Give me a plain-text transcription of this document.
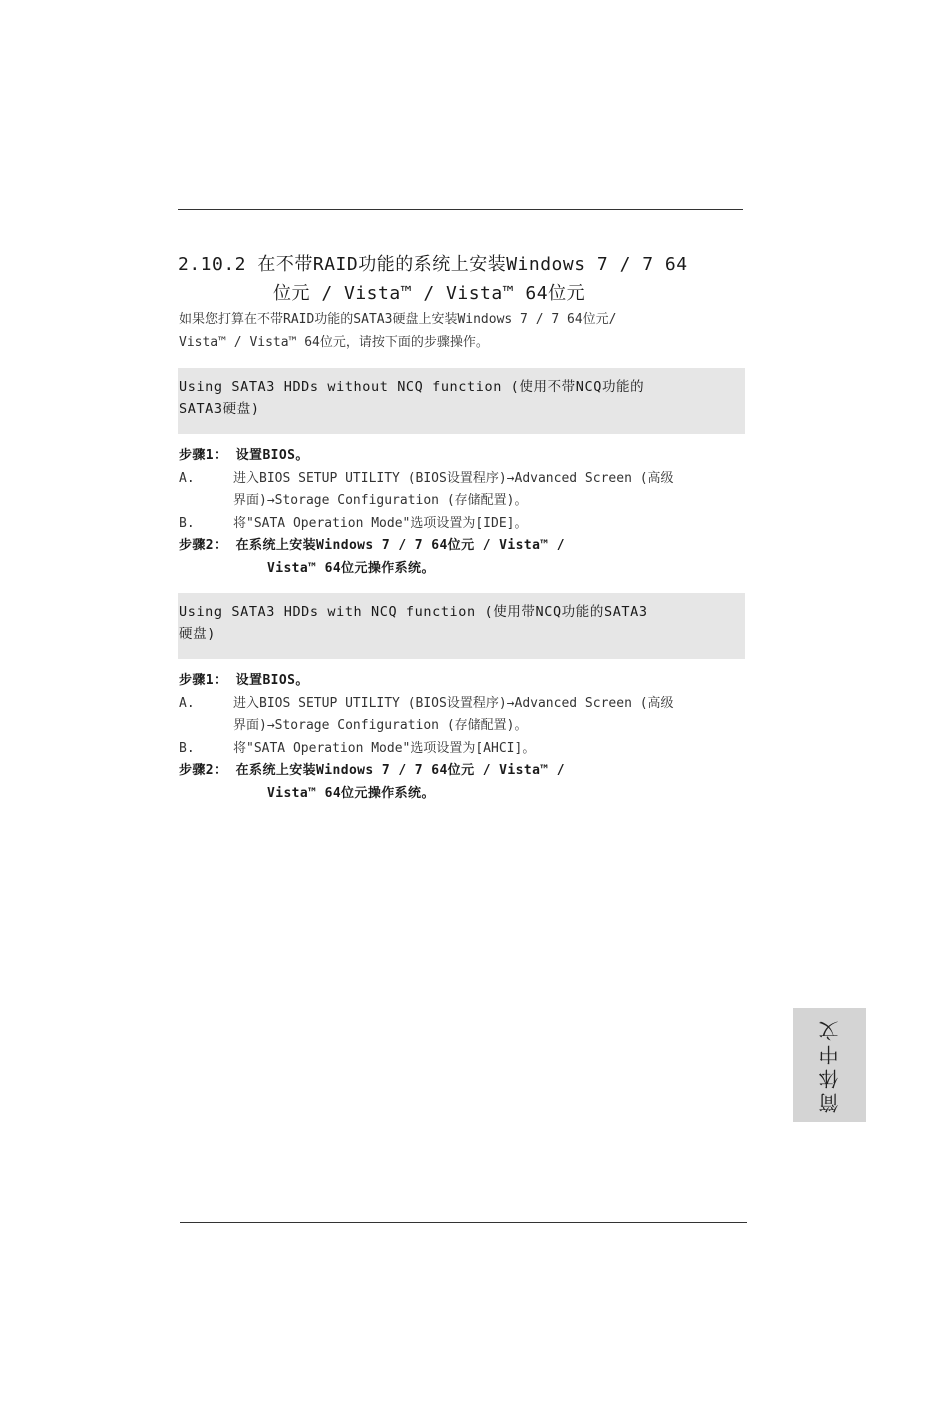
2.10.2 在不带RAID功能的系统上安装Windows 7 / 7 64
位元 / Vista™ / Vista™ 64位元
如果您打算在不带RAID功能的SATA3硬盘上安装Windows 7 / 7 64位元/
Vista™ / Vista™ 64位元，请按下面的步骤操作。
Using SATA3 HDDs without NCQ function (使用不带NCQ功能的
SATA3硬盘)
步骤1： 设置BIOS。
A.	进入BIOS SETUP UTILITY (BIOS设置程序)→Advanced Screen (高级
界面)→Storage Configuration (存储配置)。
B.	将"SATA Operation Mode"选项设置为[IDE]。
步骤2： 在系统上安装Windows 7 / 7 64位元 / Vista™ /
Vista™ 64位元操作系统。
Using SATA3 HDDs with NCQ function (使用带NCQ功能的SATA3
硬盘)
步骤1： 设置BIOS。
A.	进入BIOS SETUP UTILITY (BIOS设置程序)→Advanced Screen (高级
界面)→Storage Configuration (存储配置)。
B.	将"SATA Operation Mode"选项设置为[AHCI]。
步骤2： 在系统上安装Windows 7 / 7 64位元 / Vista™ /
Vista™ 64位元操作系统。
简体中文
